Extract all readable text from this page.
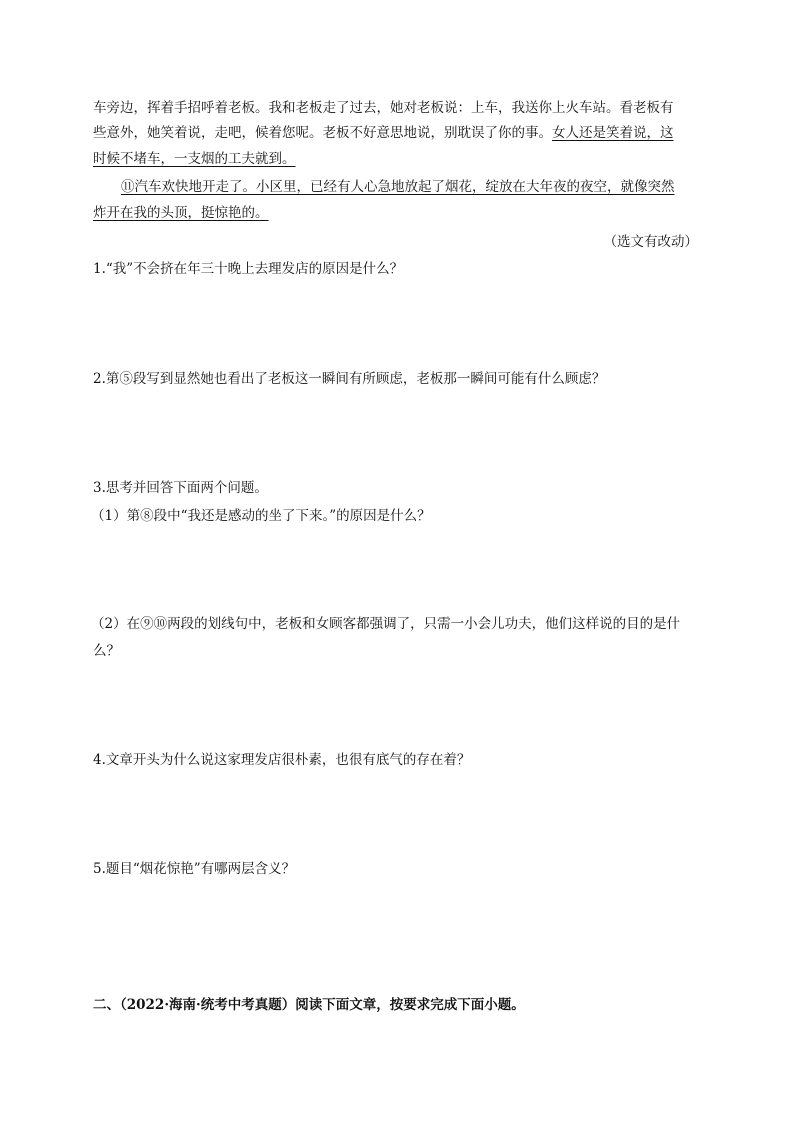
车旁边，挥着手招呼着老板。我和老板走了过去，她对老板说：上车，我送你上火车站。看老板有
些意外，她笑着说，走吧，候着您呢。老板不好意思地说，别耽误了你的事。女人还是笑着说，这
时候不堵车，一支烟的工夫就到。
⑪汽车欢快地开走了。小区里，已经有人心急地放起了烟花，绽放在大年夜的夜空，就像突然
炸开在我的头顶，挺惊艳的。
（选文有改动）
1.“我”不会挤在年三十晚上去理发店的原因是什么？
2.第⑤段写到显然她也看出了老板这一瞬间有所顾虑，老板那一瞬间可能有什么顾虑？
3.思考并回答下面两个问题。
（1）第⑧段中“我还是感动的坐了下来。”的原因是什么？
（2）在⑨⑩两段的划线句中，老板和女顾客都强调了，只需一小会儿功夫，他们这样说的目的是什
么？
4.文章开头为什么说这家理发店很朴素，也很有底气的存在着？
5.题目“烟花惊艳”有哪两层含义？
二、（2022·海南·统考中考真题）阅读下面文章，按要求完成下面小题。
